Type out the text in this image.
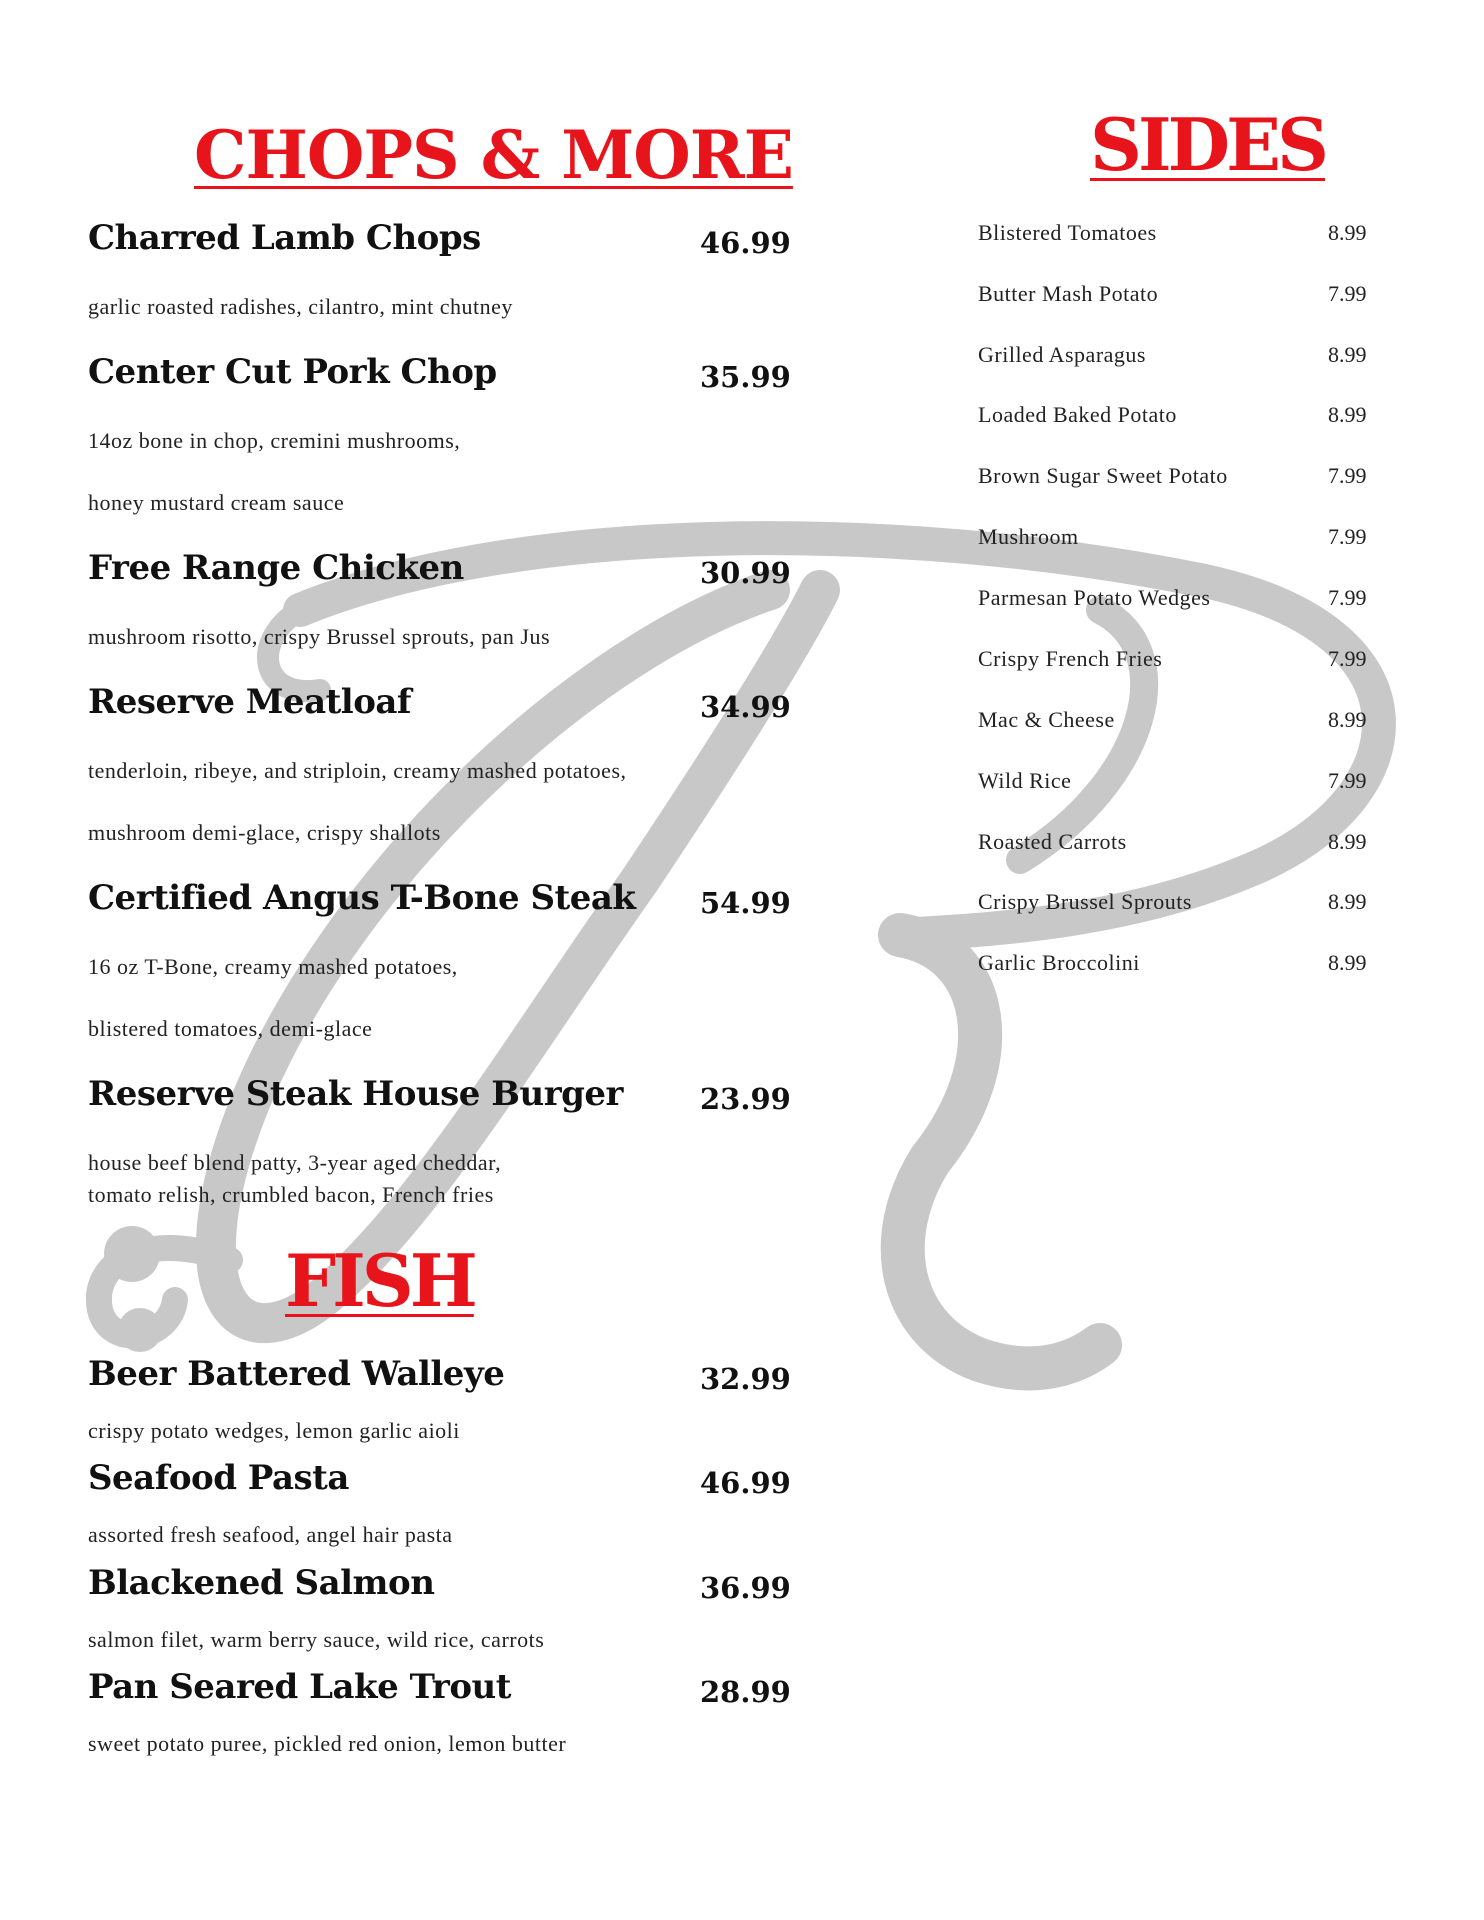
CHOPS & MORE
FISH
SIDES
Charred Lamb Chops	46.99
garlic roasted radishes, cilantro, mint chutney
Center Cut Pork Chop	35.99
14oz bone in chop, cremini mushrooms,
honey mustard cream sauce
Free Range Chicken	30.99
mushroom risotto, crispy Brussel sprouts, pan Jus
Reserve Meatloaf	34.99
tenderloin, ribeye, and striploin, creamy mashed potatoes,
mushroom demi-glace, crispy shallots
Certified Angus T-Bone Steak 54.99
16 oz T-Bone, creamy mashed potatoes,
blistered tomatoes, demi-glace
Reserve Steak House Burger	23.99
house beef blend patty, 3-year aged cheddar,
tomato relish, crumbled bacon, French fries
Beer Battered Walleye	32.99
crispy potato wedges, lemon garlic aioli
Seafood Pasta	46.99
assorted fresh seafood, angel hair pasta
Blackened Salmon	36.99
salmon filet, warm berry sauce, wild rice, carrots
Pan Seared Lake Trout	28.99
sweet potato puree, pickled red onion, lemon butter
Blistered Tomatoes	8.99
Butter Mash Potato	7.99
Grilled Asparagus	8.99
Loaded Baked Potato	8.99
Brown Sugar Sweet Potato	7.99
Mushroom	7.99
Parmesan Potato Wedges	7.99
Crispy French Fries	7.99
Mac & Cheese	8.99
Wild Rice	7.99
Roasted Carrots	8.99
Crispy Brussel Sprouts	8.99
Garlic Broccolini	8.99
